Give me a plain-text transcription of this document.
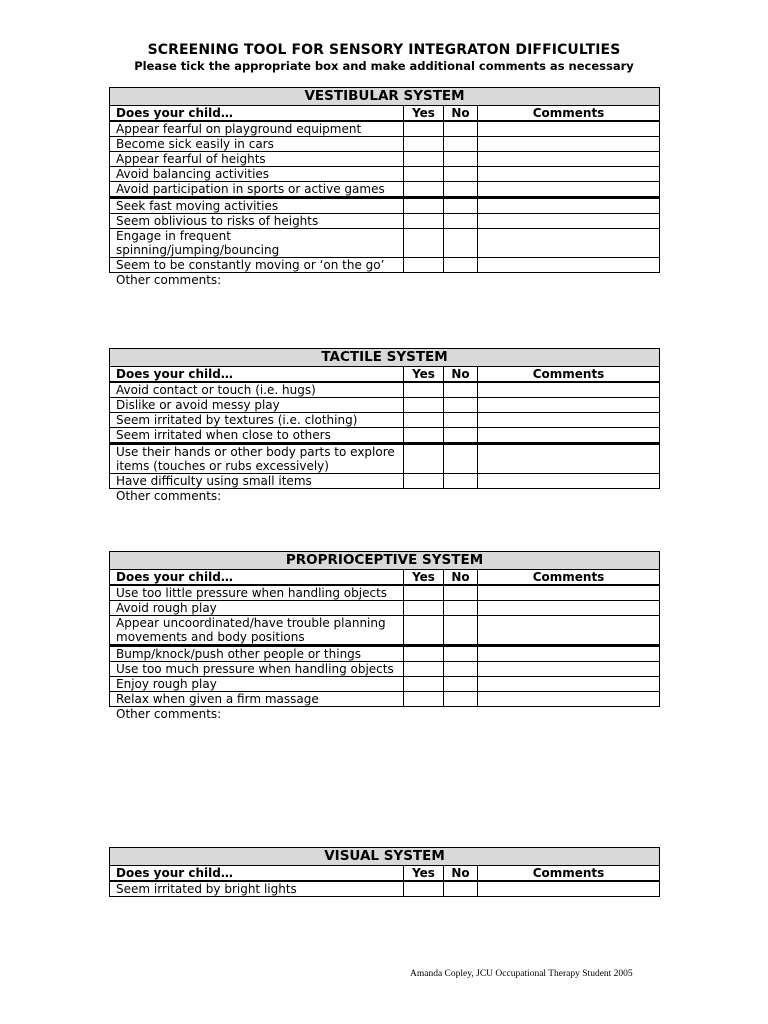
SCREENING TOOL FOR SENSORY INTEGRATON DIFFICULTIES
Please tick the appropriate box and make additional comments as necessary
VESTIBULAR SYSTEM			
Does your child…	Yes	No	Comments
Appear fearful on playground equipment			
Become sick easily in cars			
Appear fearful of heights			
Avoid balancing activities			
Avoid participation in sports or active games			
Seek fast moving activities			
Seem oblivious to risks of heights			
Engage in frequent spinning/jumping/bouncing			
Seem to be constantly moving or ‘on the go’			
Other comments:
TACTILE SYSTEM			
Does your child…	Yes	No	Comments
Avoid contact or touch (i.e. hugs)			
Dislike or avoid messy play			
Seem irritated by textures (i.e. clothing)			
Seem irritated when close to others			
Use their hands or other body parts to explore items (touches or rubs excessively)			
Have difficulty using small items			
Other comments:
PROPRIOCEPTIVE SYSTEM			
Does your child…	Yes	No	Comments
Use too little pressure when handling objects			
Avoid rough play			
Appear uncoordinated/have trouble planning movements and body positions			
Bump/knock/push other people or things			
Use too much pressure when handling objects			
Enjoy rough play			
Relax when given a firm massage			
Other comments:
VISUAL SYSTEM			
Does your child…	Yes	No	Comments
Seem irritated by bright lights			
Amanda Copley, JCU Occupational Therapy Student 2005
